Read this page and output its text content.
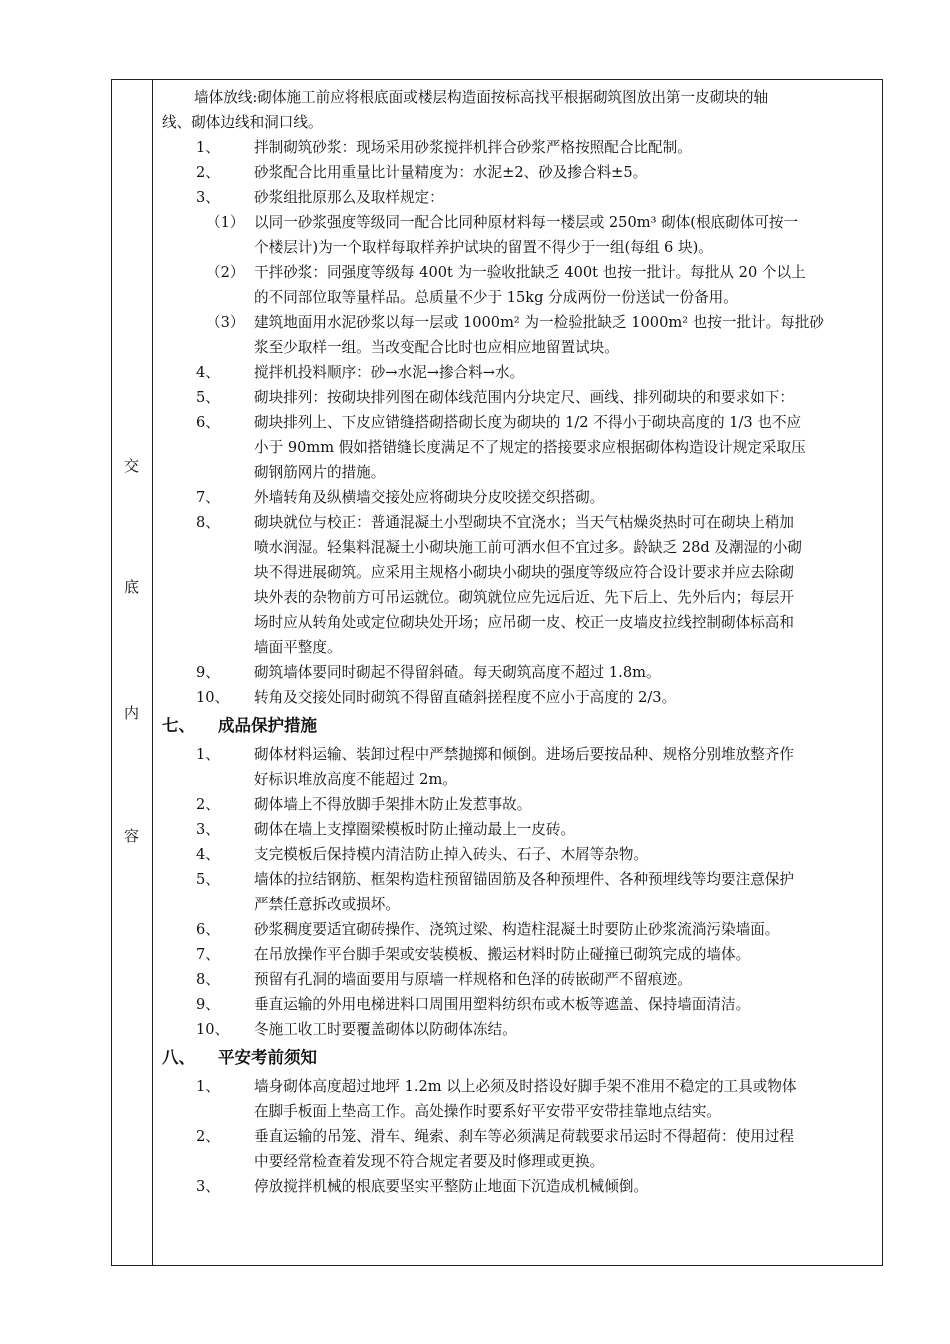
交
底
内
容
墙体放线:砌体施工前应将根底面或楼层构造面按标高找平根据砌筑图放出第一皮砌块的轴
线、砌体边线和洞口线。
1、 拌制砌筑砂浆：现场采用砂浆搅拌机拌合砂浆严格按照配合比配制。
2、 砂浆配合比用重量比计量精度为：水泥±2、砂及掺合料±5。
3、 砂浆组批原那么及取样规定：
（1） 以同一砂浆强度等级同一配合比同种原材料每一楼层或 250m³ 砌体(根底砌体可按一
个楼层计)为一个取样每取样养护试块的留置不得少于一组(每组 6 块)。
（2） 干拌砂浆：同强度等级每 400t 为一验收批缺乏 400t 也按一批计。每批从 20 个以上
的不同部位取等量样品。总质量不少于 15kg 分成两份一份送试一份备用。
（3） 建筑地面用水泥砂浆以每一层或 1000m² 为一检验批缺乏 1000m² 也按一批计。每批砂
浆至少取样一组。当改变配合比时也应相应地留置试块。
4、 搅拌机投料顺序：砂→水泥→掺合料→水。
5、 砌块排列：按砌块排列图在砌体线范围内分块定尺、画线、排列砌块的和要求如下：
6、 砌块排列上、下皮应错缝搭砌搭砌长度为砌块的 1/2 不得小于砌块高度的 1/3 也不应
小于 90mm 假如搭错缝长度满足不了规定的搭接要求应根据砌体构造设计规定采取压
砌钢筋网片的措施。
7、 外墙转角及纵横墙交接处应将砌块分皮咬搓交织搭砌。
8、 砌块就位与校正：普通混凝土小型砌块不宜浇水；当天气枯燥炎热时可在砌块上稍加
喷水润湿。轻集料混凝土小砌块施工前可洒水但不宜过多。龄缺乏 28d 及潮湿的小砌
块不得进展砌筑。应采用主规格小砌块小砌块的强度等级应符合设计要求并应去除砌
块外表的杂物前方可吊运就位。砌筑就位应先远后近、先下后上、先外后内；每层开
场时应从转角处或定位砌块处开场；应吊砌一皮、校正一皮墙皮拉线控制砌体标高和
墙面平整度。
9、 砌筑墙体要同时砌起不得留斜碴。每天砌筑高度不超过 1.8m。
10、 转角及交接处同时砌筑不得留直碴斜搓程度不应小于高度的 2/3。
七、 成品保护措施
1、 砌体材料运输、装卸过程中严禁抛掷和倾倒。进场后要按品种、规格分别堆放整齐作
好标识堆放高度不能超过 2m。
2、 砌体墙上不得放脚手架排木防止发惹事故。
3、 砌体在墙上支撑圈梁模板时防止撞动最上一皮砖。
4、 支完模板后保持模内清洁防止掉入砖头、石子、木屑等杂物。
5、 墙体的拉结钢筋、框架构造柱预留锚固筋及各种预埋件、各种预埋线等均要注意保护
严禁任意拆改或损坏。
6、 砂浆稠度要适宜砌砖操作、浇筑过梁、构造柱混凝土时要防止砂浆流淌污染墙面。
7、 在吊放操作平台脚手架或安装模板、搬运材料时防止碰撞已砌筑完成的墙体。
8、 预留有孔洞的墙面要用与原墙一样规格和色泽的砖嵌砌严不留痕迹。
9、 垂直运输的外用电梯进料口周围用塑料纺织布或木板等遮盖、保持墙面清洁。
10、 冬施工收工时要覆盖砌体以防砌体冻结。
八、 平安考前须知
1、 墙身砌体高度超过地坪 1.2m 以上必须及时搭设好脚手架不准用不稳定的工具或物体
在脚手板面上垫高工作。高处操作时要系好平安带平安带挂靠地点结实。
2、 垂直运输的吊笼、滑车、绳索、刹车等必须满足荷载要求吊运时不得超荷：使用过程
中要经常检查着发现不符合规定者要及时修理或更换。
3、 停放搅拌机械的根底要坚实平整防止地面下沉造成机械倾倒。
